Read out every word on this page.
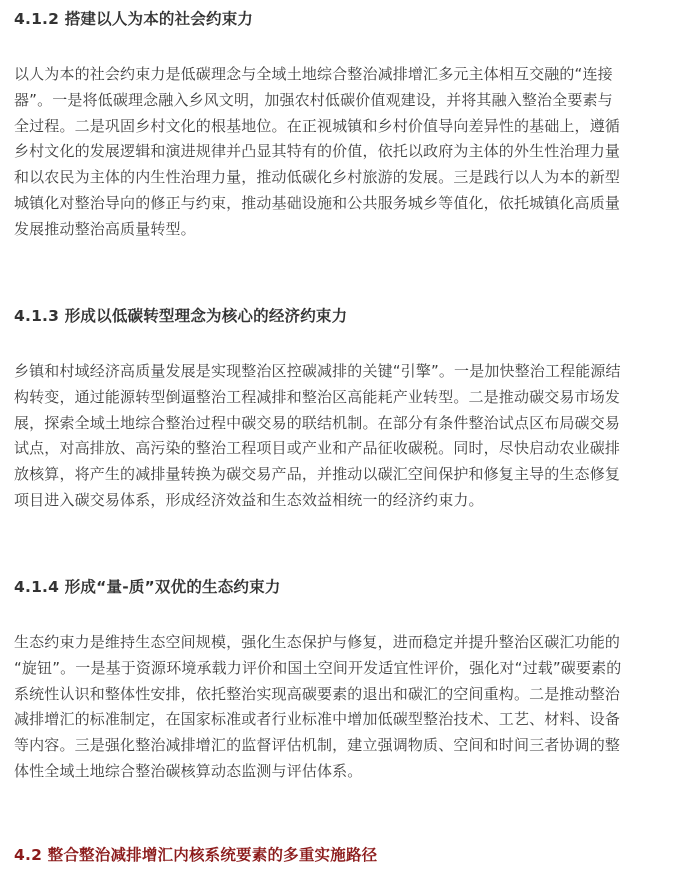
4.1.2 搭建以人为本的社会约束力
以人为本的社会约束力是低碳理念与全域土地综合整治减排增汇多元主体相互交融的“连接
器”。一是将低碳理念融入乡风文明，加强农村低碳价值观建设，并将其融入整治全要素与
全过程。二是巩固乡村文化的根基地位。在正视城镇和乡村价值导向差异性的基础上，遵循
乡村文化的发展逻辑和演进规律并凸显其特有的价值，依托以政府为主体的外生性治理力量
和以农民为主体的内生性治理力量，推动低碳化乡村旅游的发展。三是践行以人为本的新型
城镇化对整治导向的修正与约束，推动基础设施和公共服务城乡等值化，依托城镇化高质量
发展推动整治高质量转型。
4.1.3 形成以低碳转型理念为核心的经济约束力
乡镇和村域经济高质量发展是实现整治区控碳减排的关键“引擎”。一是加快整治工程能源结
构转变，通过能源转型倒逼整治工程减排和整治区高能耗产业转型。二是推动碳交易市场发
展，探索全域土地综合整治过程中碳交易的联结机制。在部分有条件整治试点区布局碳交易
试点，对高排放、高污染的整治工程项目或产业和产品征收碳税。同时，尽快启动农业碳排
放核算，将产生的减排量转换为碳交易产品，并推动以碳汇空间保护和修复主导的生态修复
项目进入碳交易体系，形成经济效益和生态效益相统一的经济约束力。
4.1.4 形成“量-质”双优的生态约束力
生态约束力是维持生态空间规模，强化生态保护与修复，进而稳定并提升整治区碳汇功能的
“旋钮”。一是基于资源环境承载力评价和国土空间开发适宜性评价，强化对“过载”碳要素的
系统性认识和整体性安排，依托整治实现高碳要素的退出和碳汇的空间重构。二是推动整治
减排增汇的标准制定，在国家标准或者行业标准中增加低碳型整治技术、工艺、材料、设备
等内容。三是强化整治减排增汇的监督评估机制，建立强调物质、空间和时间三者协调的整
体性全域土地综合整治碳核算动态监测与评估体系。
4.2 整合整治减排增汇内核系统要素的多重实施路径
